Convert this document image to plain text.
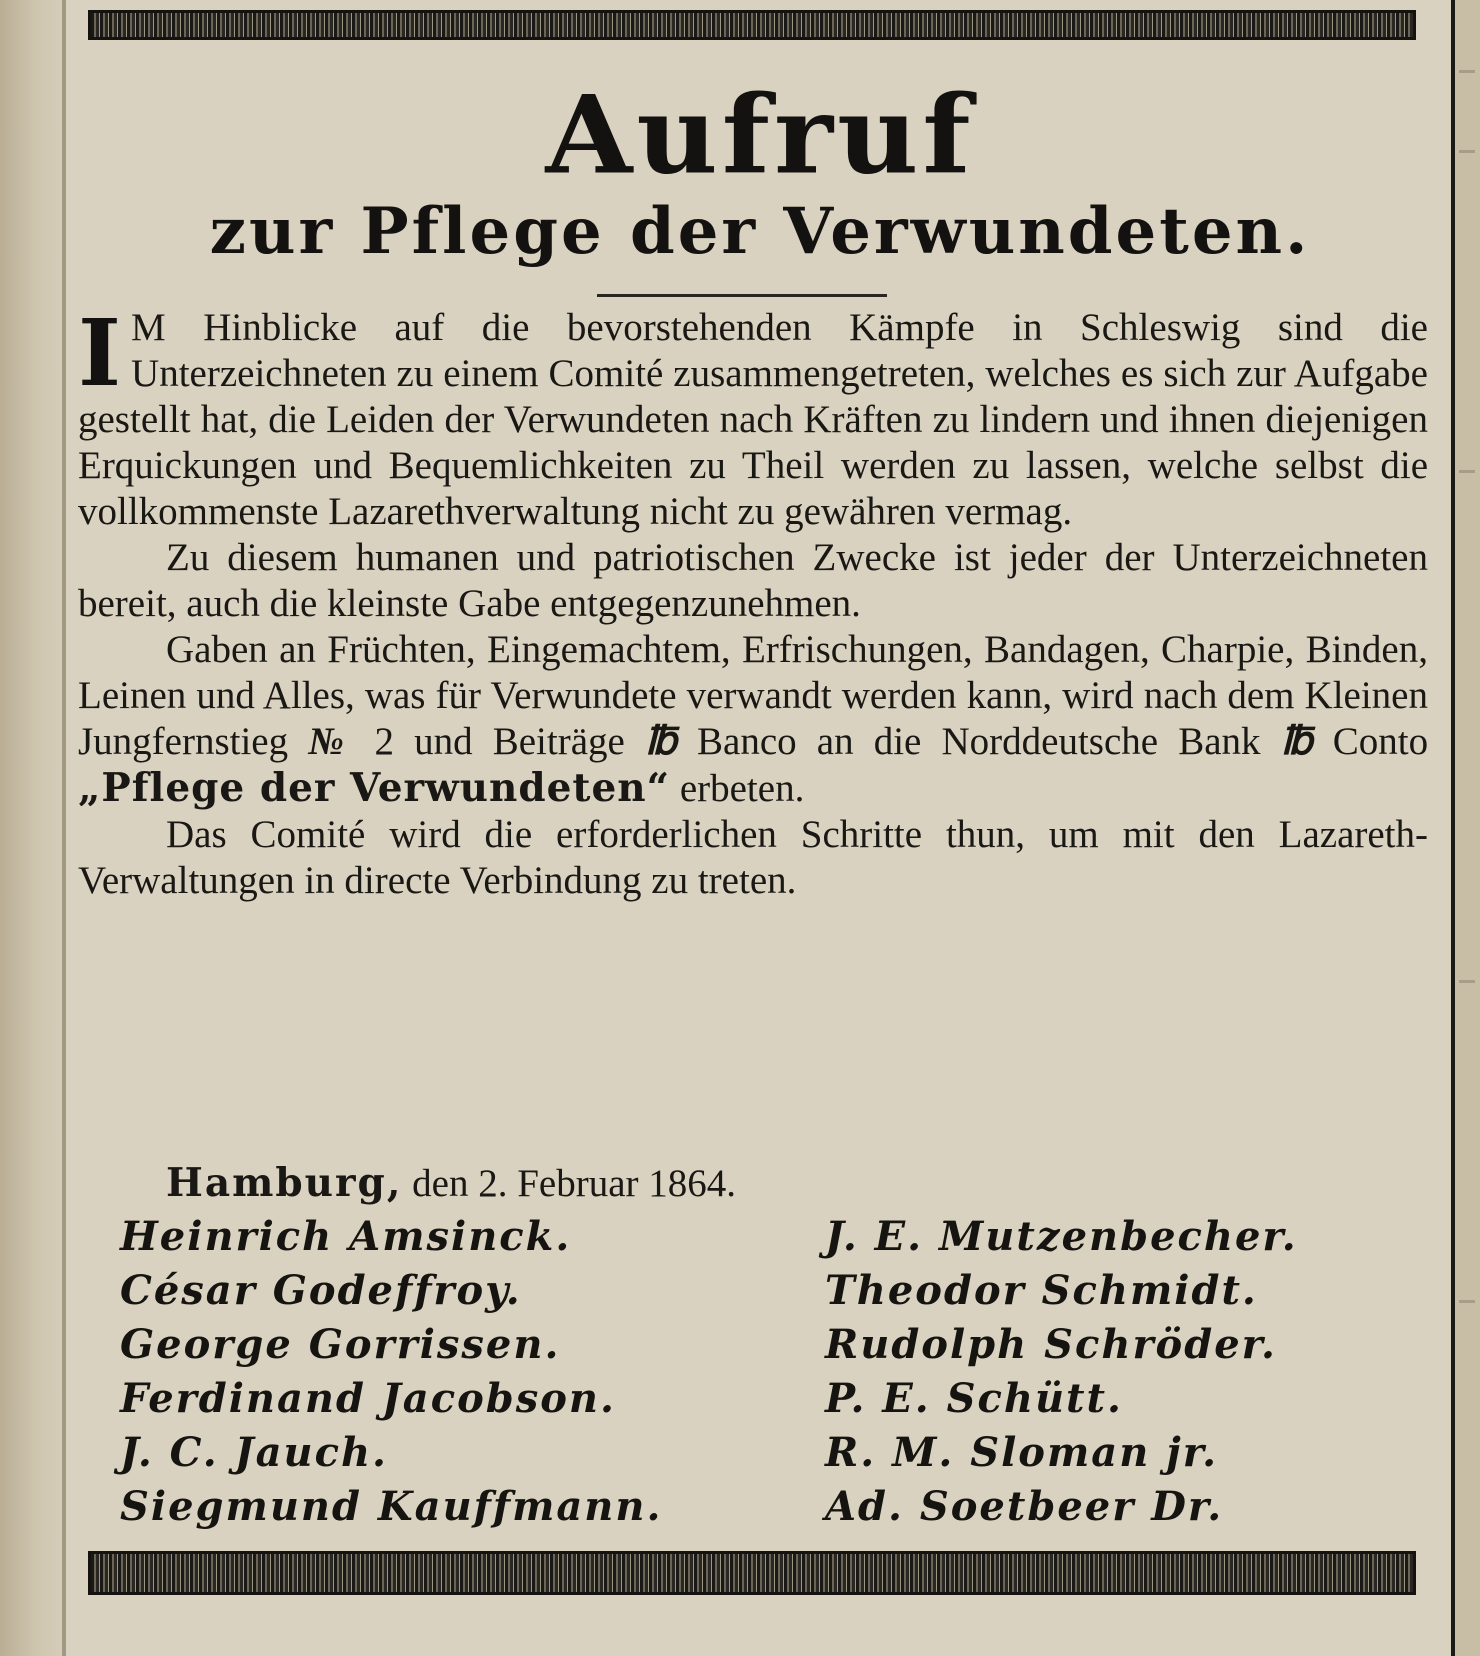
Aufruf
zur Pflege der Verwundeten.

I M Hinblicke auf die bevorstehenden Kämpfe in Schleswig sind die Unterzeichneten zu einem Comité zusammengetreten, welches es sich zur Aufgabe gestellt hat, die Leiden der Verwundeten nach Kräften zu lindern und ihnen diejenigen Erquickungen und Bequemlichkeiten zu Theil werden zu lassen, welche selbst die vollkommenste Lazarethverwaltung nicht zu gewähren vermag.

Zu diesem humanen und patriotischen Zwecke ist jeder der Unterzeichneten bereit, auch die kleinste Gabe entgegenzunehmen.

Gaben an Früchten, Eingemachtem, Erfrischungen, Bandagen, Charpie, Binden, Leinen und Alles, was für Verwundete verwandt werden kann, wird nach dem Kleinen Jungfernstieg № 2 und Beiträge ℔ Banco an die Norddeutsche Bank ℔ Conto „Pflege der Verwundeten“ erbeten.

Das Comité wird die erforderlichen Schritte thun, um mit den Lazareth-Verwaltungen in directe Verbindung zu treten.

Hamburg, den 2. Februar 1864.
Heinrich Amsinck.
César Godeffroy.
George Gorrissen.
Ferdinand Jacobson.
J. C. Jauch.
Siegmund Kauffmann.
J. E. Mutzenbecher.
Theodor Schmidt.
Rudolph Schröder.
P. E. Schütt.
R. M. Sloman jr.
Ad. Soetbeer Dr.
